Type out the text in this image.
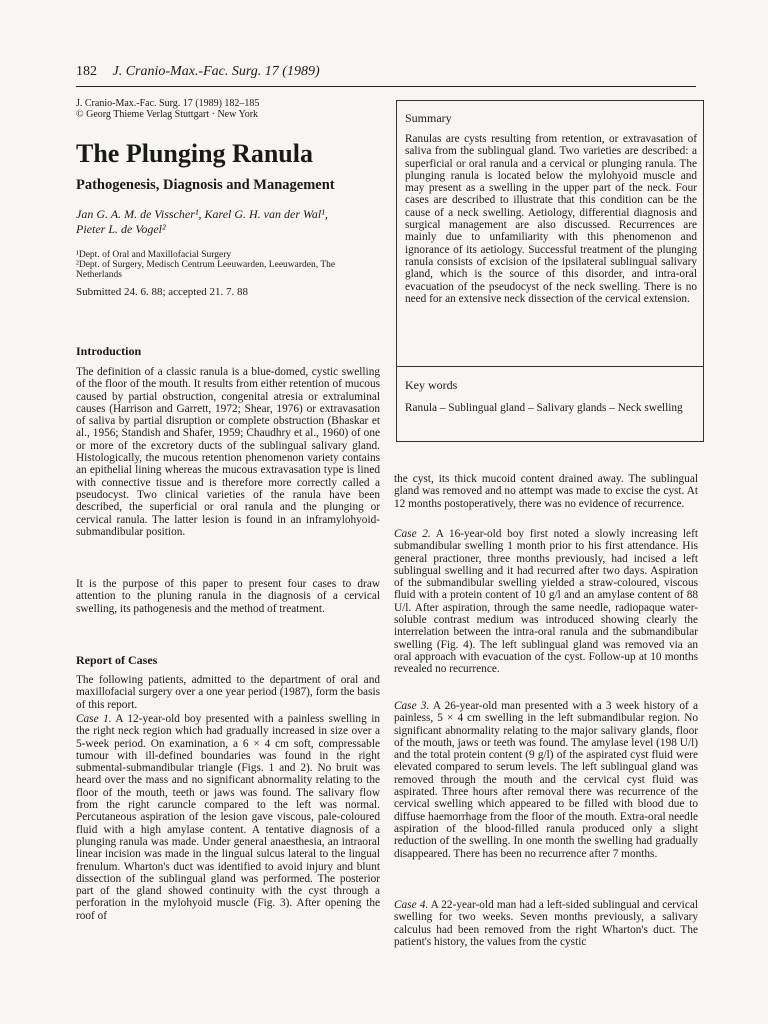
182 J. Cranio-Max.-Fac. Surg. 17 (1989)
J. Cranio-Max.-Fac. Surg. 17 (1989) 182–185
© Georg Thieme Verlag Stuttgart · New York
The Plunging Ranula
Pathogenesis, Diagnosis and Management
Jan G. A. M. de Visscher¹, Karel G. H. van der Wal¹,
Pieter L. de Vogel²
¹Dept. of Oral and Maxillofacial Surgery
²Dept. of Surgery, Medisch Centrum Leeuwarden, Leeuwarden, The Netherlands
Submitted 24. 6. 88; accepted 21. 7. 88
Summary
Ranulas are cysts resulting from retention, or extravasation of saliva from the sublingual gland. Two varieties are described: a superficial or oral ranula and a cervical or plunging ranula. The plunging ranula is located below the mylohyoid muscle and may present as a swelling in the upper part of the neck. Four cases are described to illustrate that this condition can be the cause of a neck swelling. Aetiology, differential diagnosis and surgical management are also discussed. Recurrences are mainly due to unfamiliarity with this phenomenon and ignorance of its aetiology. Successful treatment of the plunging ranula consists of excision of the ipsilateral sublingual salivary gland, which is the source of this disorder, and intra-oral evacuation of the pseudocyst of the neck swelling. There is no need for an extensive neck dissection of the cervical extension.
Key words
Ranula – Sublingual gland – Salivary glands – Neck swelling
Introduction
The definition of a classic ranula is a blue-domed, cystic swelling of the floor of the mouth. It results from either retention of mucous caused by partial obstruction, congenital atresia or extraluminal causes (Harrison and Garrett, 1972; Shear, 1976) or extravasation of saliva by partial disruption or complete obstruction (Bhaskar et al., 1956; Standish and Shafer, 1959; Chaudhry et al., 1960) of one or more of the excretory ducts of the sublingual salivary gland. Histologically, the mucous retention phenomenon variety contains an epithelial lining whereas the mucous extravasation type is lined with connective tissue and is therefore more correctly called a pseudocyst. Two clinical varieties of the ranula have been described, the superficial or oral ranula and the plunging or cervical ranula. The latter lesion is found in an inframylohyoid-submandibular position.
It is the purpose of this paper to present four cases to draw attention to the pluning ranula in the diagnosis of a cervical swelling, its pathogenesis and the method of treatment.
Report of Cases
The following patients, admitted to the department of oral and maxillofacial surgery over a one year period (1987), form the basis of this report.
Case 1. A 12-year-old boy presented with a painless swelling in the right neck region which had gradually increased in size over a 5-week period. On examination, a 6 × 4 cm soft, compressable tumour with ill-defined boundaries was found in the right submental-submandibular triangle (Figs. 1 and 2). No bruit was heard over the mass and no significant abnormality relating to the floor of the mouth, teeth or jaws was found. The salivary flow from the right caruncle compared to the left was normal. Percutaneous aspiration of the lesion gave viscous, pale-coloured fluid with a high amylase content. A tentative diagnosis of a plunging ranula was made. Under general anaesthesia, an intraoral linear incision was made in the lingual sulcus lateral to the lingual frenulum. Wharton's duct was identified to avoid injury and blunt dissection of the sublingual gland was performed. The posterior part of the gland showed continuity with the cyst through a perforation in the mylohyoid muscle (Fig. 3). After opening the roof of
the cyst, its thick mucoid content drained away. The sublingual gland was removed and no attempt was made to excise the cyst. At 12 months postoperatively, there was no evidence of recurrence.
Case 2. A 16-year-old boy first noted a slowly increasing left submandibular swelling 1 month prior to his first attendance. His general practioner, three months previously, had incised a left sublingual swelling and it had recurred after two days. Aspiration of the submandibular swelling yielded a straw-coloured, viscous fluid with a protein content of 10 g/l and an amylase content of 88 U/l. After aspiration, through the same needle, radiopaque water-soluble contrast medium was introduced showing clearly the interrelation between the intra-oral ranula and the submandibular swelling (Fig. 4). The left sublingual gland was removed via an oral approach with evacuation of the cyst. Follow-up at 10 months revealed no recurrence.
Case 3. A 26-year-old man presented with a 3 week history of a painless, 5 × 4 cm swelling in the left submandibular region. No significant abnormality relating to the major salivary glands, floor of the mouth, jaws or teeth was found. The amylase level (198 U/l) and the total protein content (9 g/l) of the aspirated cyst fluid were elevated compared to serum levels. The left sublingual gland was removed through the mouth and the cervical cyst fluid was aspirated. Three hours after removal there was recurrence of the cervical swelling which appeared to be filled with blood due to diffuse haemorrhage from the floor of the mouth. Extra-oral needle aspiration of the blood-filled ranula produced only a slight reduction of the swelling. In one month the swelling had gradually disappeared. There has been no recurrence after 7 months.
Case 4. A 22-year-old man had a left-sided sublingual and cervical swelling for two weeks. Seven months previously, a salivary calculus had been removed from the right Wharton's duct. The patient's history, the values from the cystic
